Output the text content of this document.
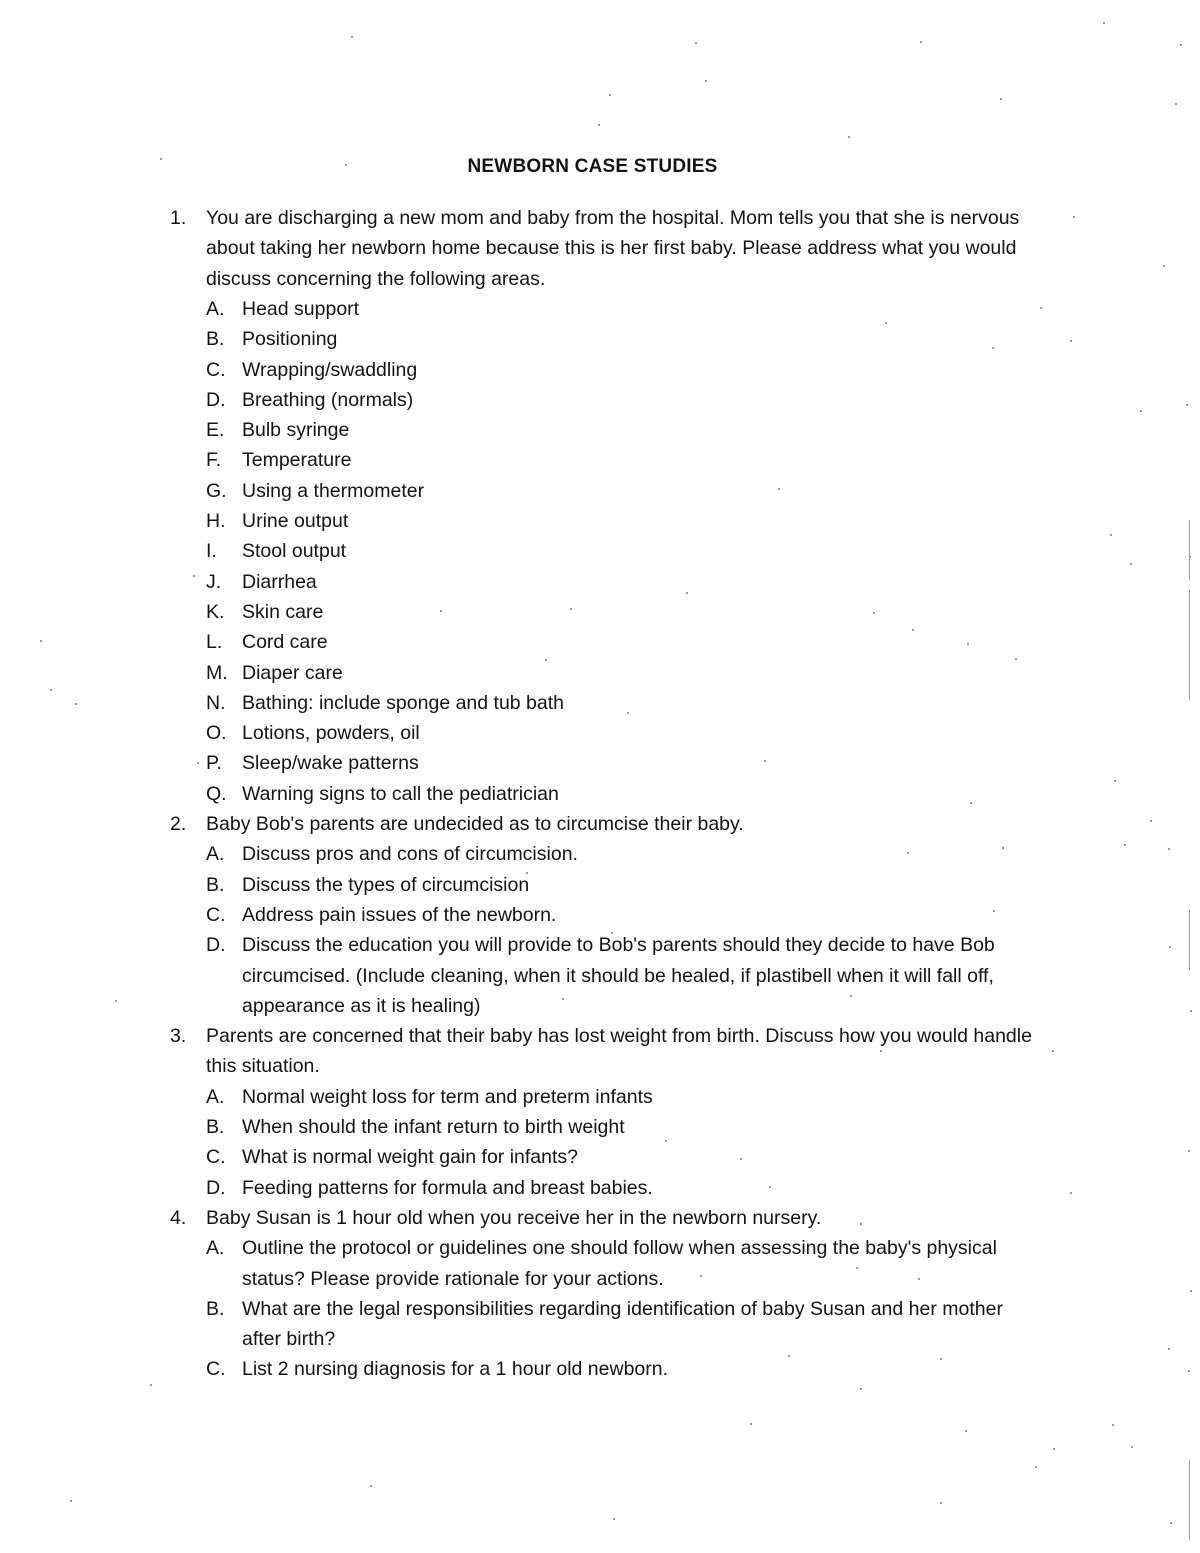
NEWBORN CASE STUDIES
1. You are discharging a new mom and baby from the hospital. Mom tells you that she is nervous
about taking her newborn home because this is her first baby. Please address what you would
discuss concerning the following areas.
A. Head support
B. Positioning
C. Wrapping/swaddling
D. Breathing (normals)
E. Bulb syringe
F. Temperature
G. Using a thermometer
H. Urine output
I. Stool output
J. Diarrhea
K. Skin care
L. Cord care
M. Diaper care
N. Bathing: include sponge and tub bath
O. Lotions, powders, oil
P. Sleep/wake patterns
Q. Warning signs to call the pediatrician
2. Baby Bob's parents are undecided as to circumcise their baby.
A. Discuss pros and cons of circumcision.
B. Discuss the types of circumcision
C. Address pain issues of the newborn.
D. Discuss the education you will provide to Bob's parents should they decide to have Bob
circumcised. (Include cleaning, when it should be healed, if plastibell when it will fall off,
appearance as it is healing)
3. Parents are concerned that their baby has lost weight from birth. Discuss how you would handle
this situation.
A. Normal weight loss for term and preterm infants
B. When should the infant return to birth weight
C. What is normal weight gain for infants?
D. Feeding patterns for formula and breast babies.
4. Baby Susan is 1 hour old when you receive her in the newborn nursery.
A. Outline the protocol or guidelines one should follow when assessing the baby's physical
status? Please provide rationale for your actions.
B. What are the legal responsibilities regarding identification of baby Susan and her mother
after birth?
C. List 2 nursing diagnosis for a 1 hour old newborn.
